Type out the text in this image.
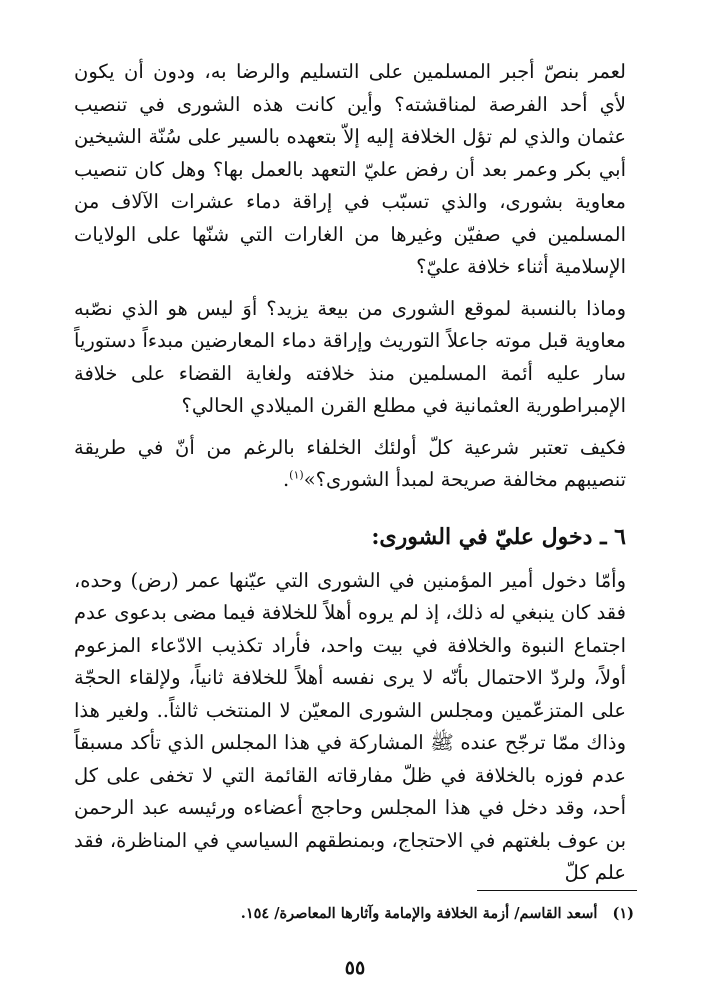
لعمر بنصّ أجبر المسلمين على التسليم والرضا به، ودون أن يكون لأي أحد الفرصة لمناقشته؟ وأين كانت هذه الشورى في تنصيب عثمان والذي لم تؤل الخلافة إليه إلاّ بتعهده بالسير على سُنّة الشيخين أبي بكر وعمر بعد أن رفض عليّ التعهد بالعمل بها؟ وهل كان تنصيب معاوية بشورى، والذي تسبّب في إراقة دماء عشرات الآلاف من المسلمين في صفيّن وغيرها من الغارات التي شنّها على الولايات الإسلامية أثناء خلافة عليّ؟

وماذا بالنسبة لموقع الشورى من بيعة يزيد؟ أوَ ليس هو الذي نصّبه معاوية قبل موته جاعلاً التوريث وإراقة دماء المعارضين مبدءاً دستورياً سار عليه أئمة المسلمين منذ خلافته ولغاية القضاء على خلافة الإمبراطورية العثمانية في مطلع القرن الميلادي الحالي؟

فكيف تعتبر شرعية كلّ أولئك الخلفاء بالرغم من أنّ في طريقة تنصيبهم مخالفة صريحة لمبدأ الشورى؟»$^{(١)}$.

٦ ـ دخول عليّ في الشورى:

وأمّا دخول أمير المؤمنين في الشورى التي عيّنها عمر (رض) وحده، فقد كان ينبغي له ذلك، إذ لم يروه أهلاً للخلافة فيما مضى بدعوى عدم اجتماع النبوة والخلافة في بيت واحد، فأراد تكذيب الادّعاء المزعوم أولاً، ولردّ الاحتمال بأنّه لا يرى نفسه أهلاً للخلافة ثانياً، ولإلقاء الحجّة على المتزعّمين ومجلس الشورى المعيّن لا المنتخب ثالثاً.. ولغير هذا وذاك ممّا ترجّح عنده ﷺ المشاركة في هذا المجلس الذي تأكد مسبقاً عدم فوزه بالخلافة في ظلّ مفارقاته القائمة التي لا تخفى على كل أحد، وقد دخل في هذا المجلس وحاجج أعضاءه ورئيسه عبد الرحمن بن عوف بلغتهم في الاحتجاج، وبمنطقهم السياسي في المناظرة، فقد علم كلّ

(١) أسعد القاسم/ أزمة الخلافة والإمامة وآثارها المعاصرة/ ١٥٤.
٥٥
